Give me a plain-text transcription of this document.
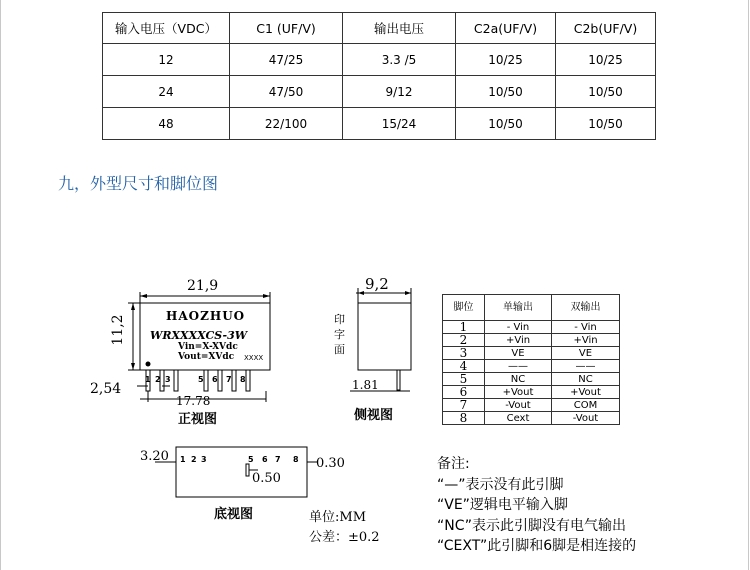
输入电压（VDC）	C1 (UF/V)	输出电压	C2a(UF/V)	C2b(UF/V)
12	47/25	3.3 /5	10/25	10/25
24	47/50	9/12	10/50	10/50
48	22/100	15/24	10/50	10/50
九，外型尺寸和脚位图
21,9
11,2	HAOZHUO
WRXXXXCS-3W
Vin=X-XVdc
Vout=XVdc XXXX
1 2 3	5 6 7 8
2,54
17.78
正视图
9,2
印
字
面
1.81
侧视图
3.20	0.30
0.50
1 2 3	5 6 7 8
底视图	单位:MM
公差：±0.2
脚位	单输出	双输出
1	- Vin	- Vin
2	+Vin	+Vin
3	VE	VE
4	——	——
5	NC	NC
6	+Vout	+Vout
7	-Vout	COM
8	Cext	-Vout
备注:
“—”表示没有此引脚
“VE”逻辑电平输入脚
“NC”表示此引脚没有电气输出
“CEXT”此引脚和6脚是相连接的
